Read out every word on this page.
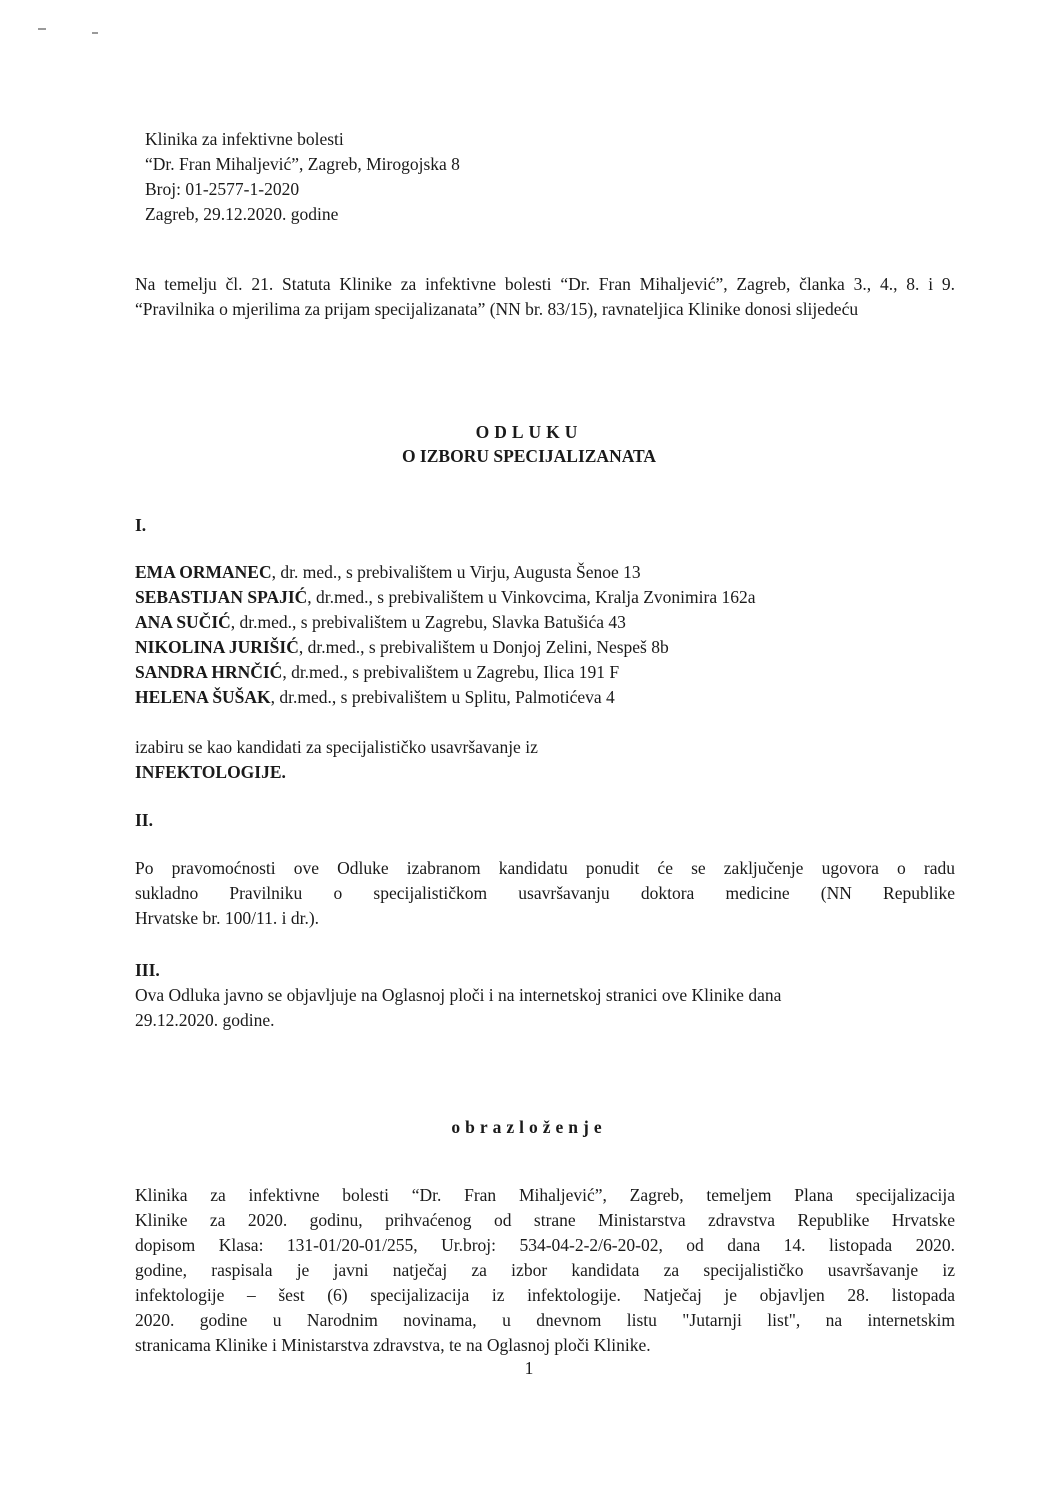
Klinika za infektivne bolesti
“Dr. Fran Mihaljević”, Zagreb, Mirogojska 8
Broj: 01-2577-1-2020
Zagreb, 29.12.2020. godine
Na temelju čl. 21. Statuta Klinike za infektivne bolesti “Dr. Fran Mihaljević”, Zagreb, članka 3., 4., 8. i 9. “Pravilnika o mjerilima za prijam specijalizanata” (NN br. 83/15), ravnateljica Klinike donosi slijedeću
ODLUKU
O IZBORU SPECIJALIZANATA
I.
EMA ORMANEC, dr. med., s prebivalištem u Virju, Augusta Šenoe 13
SEBASTIJAN SPAJIĆ, dr.med., s prebivalištem u Vinkovcima, Kralja Zvonimira 162a
ANA SUČIĆ, dr.med., s prebivalištem u Zagrebu, Slavka Batušića 43
NIKOLINA JURIŠIĆ, dr.med., s prebivalištem u Donjoj Zelini, Nespeš 8b
SANDRA HRNČIĆ, dr.med., s prebivalištem u Zagrebu, Ilica 191 F
HELENA ŠUŠAK, dr.med., s prebivalištem u Splitu, Palmotićeva 4
izabiru se kao kandidati za specijalističko usavršavanje iz
INFEKTOLOGIJE.
II.
Po pravomoćnosti ove Odluke izabranom kandidatu ponudit će se zaključenje ugovora o radu
sukladno Pravilniku o specijalističkom usavršavanju doktora medicine (NN Republike
Hrvatske br. 100/11. i dr.).
III.
Ova Odluka javno se objavljuje na Oglasnoj ploči i na internetskoj stranici ove Klinike dana
29.12.2020. godine.
obrazloženje
Klinika za infektivne bolesti “Dr. Fran Mihaljević”, Zagreb, temeljem Plana specijalizacija
Klinike za 2020. godinu, prihvaćenog od strane Ministarstva zdravstva Republike Hrvatske
dopisom Klasa: 131-01/20-01/255, Ur.broj: 534-04-2-2/6-20-02, od dana 14. listopada 2020.
godine, raspisala je javni natječaj za izbor kandidata za specijalističko usavršavanje iz
infektologije – šest (6) specijalizacija iz infektologije. Natječaj je objavljen 28. listopada
2020. godine u Narodnim novinama, u dnevnom listu "Jutarnji list", na internetskim
stranicama Klinike i Ministarstva zdravstva, te na Oglasnoj ploči Klinike.
1
